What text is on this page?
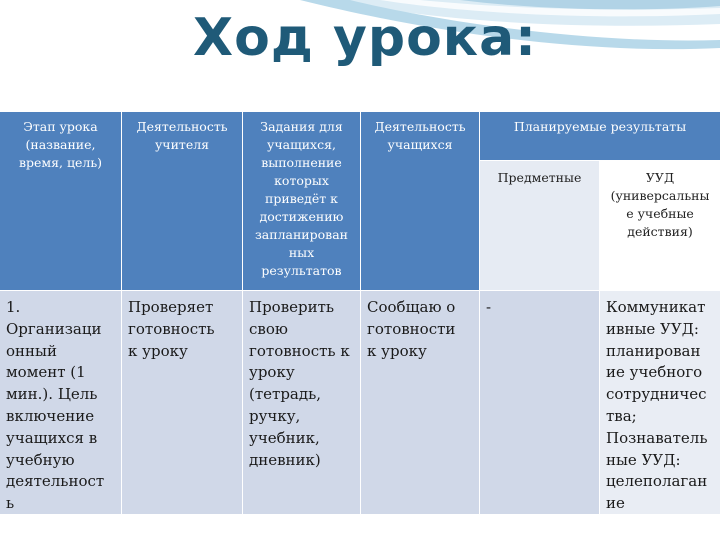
Ход урока:
Этап урока
(название,
время, цель)
Деятельность
учителя
Задания для
учащихся,
выполнение
которых
приведёт к
достижению
запланирован
ных
результатов
Деятельность
учащихся
Планируемые результаты
Предметные	УУД
(универсальны
е учебные
действия)
1.
Организаци
онный
момент (1
мин.). Цель
включение
учащихся в
учебную
деятельност
ь
Проверяет
готовность
к уроку
Проверить
свою
готовность к
уроку
(тетрадь,
ручку,
учебник,
дневник)
Сообщаю о
готовности
к уроку
-	Коммуникат
ивные УУД:
планирован
ие учебного
сотрудничес
тва;
Познаватель
ные УУД:
целеполаган
ие
